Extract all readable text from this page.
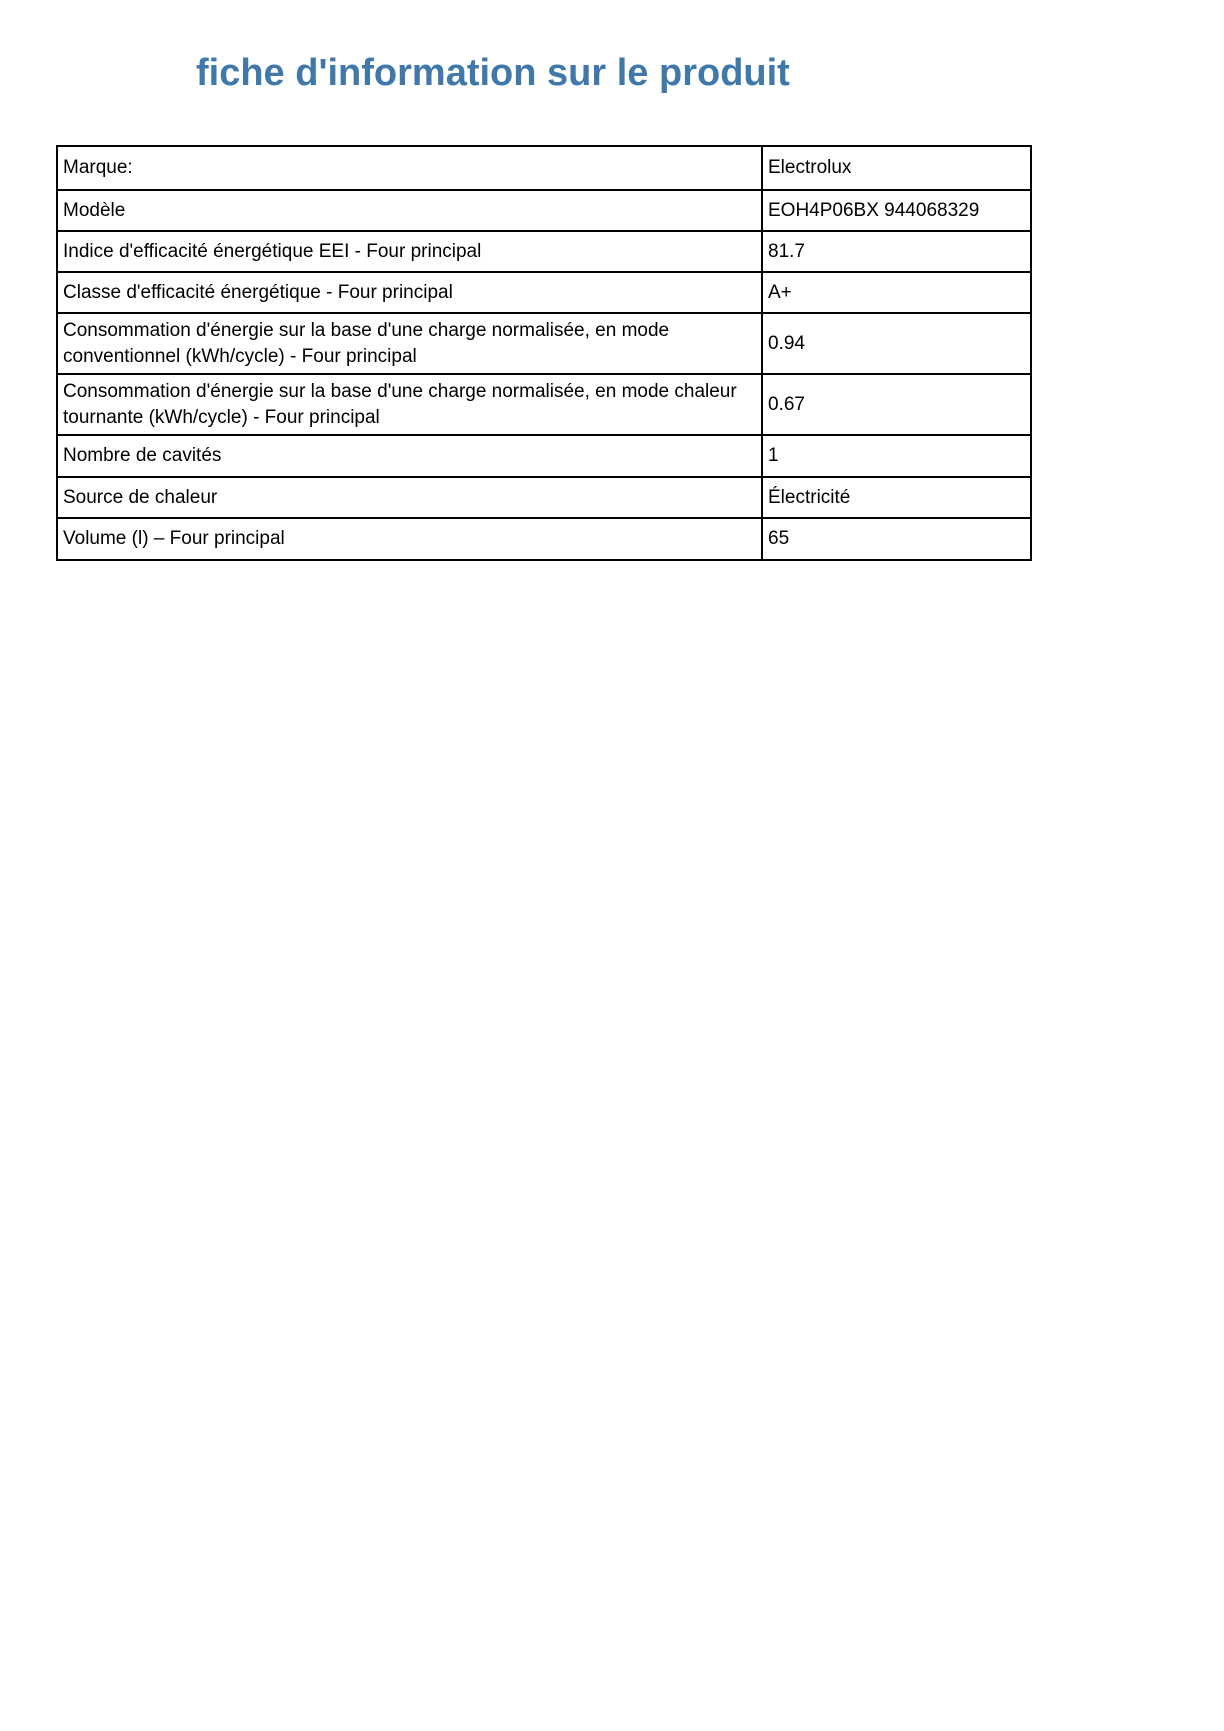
fiche d'information sur le produit
Marque:	Electrolux
Modèle	EOH4P06BX 944068329
Indice d'efficacité énergétique EEI - Four principal	81.7
Classe d'efficacité énergétique - Four principal	A+
Consommation d'énergie sur la base d'une charge normalisée, en mode conventionnel (kWh/cycle) - Four principal	0.94
Consommation d'énergie sur la base d'une charge normalisée, en mode chaleur tournante (kWh/cycle) - Four principal	0.67
Nombre de cavités	1
Source de chaleur	Électricité
Volume (l) – Four principal	65
